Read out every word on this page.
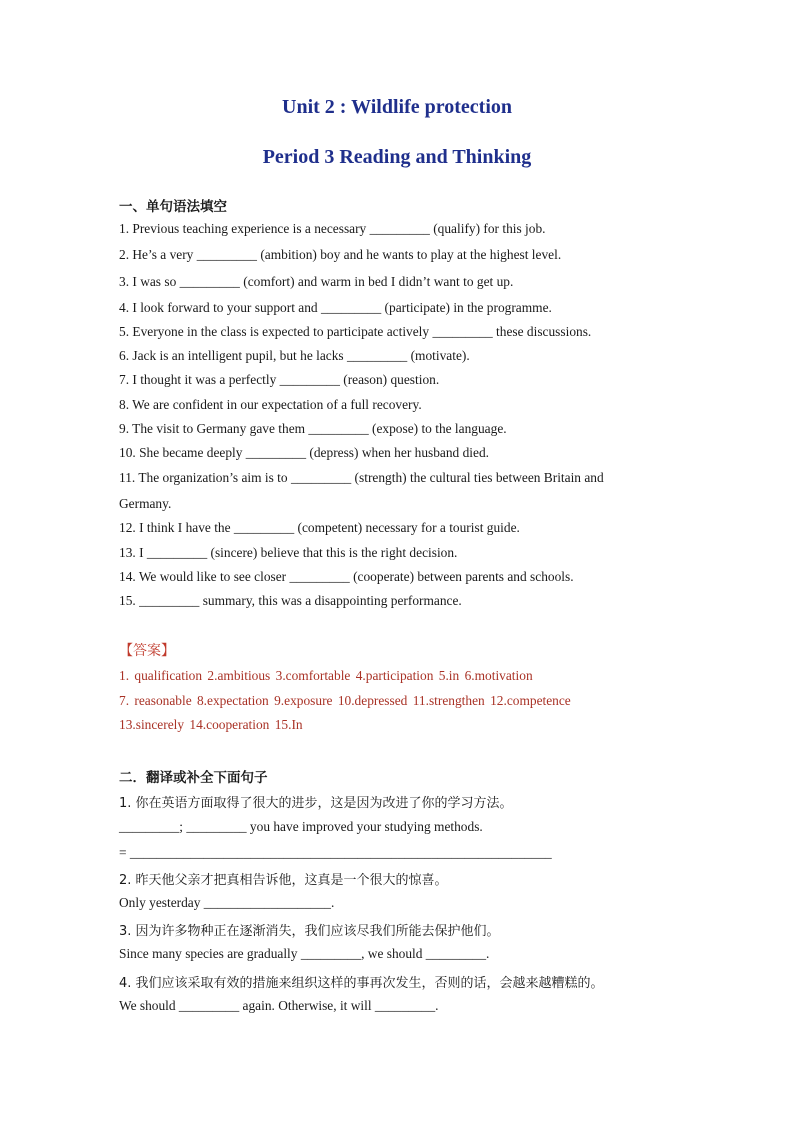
Unit 2 : Wildlife protection
Period 3 Reading and Thinking
一、单句语法填空
1. Previous teaching experience is a necessary _________ (qualify) for this job.
2. He’s a very _________ (ambition) boy and he wants to play at the highest level.
3. I was so _________ (comfort) and warm in bed I didn’t want to get up.
4. I look forward to your support and _________ (participate) in the programme.
5. Everyone in the class is expected to participate actively _________ these discussions.
6. Jack is an intelligent pupil, but he lacks _________ (motivate).
7. I thought it was a perfectly _________ (reason) question.
8. We are confident in our expectation of a full recovery.
9. The visit to Germany gave them _________ (expose) to the language.
10. She became deeply _________ (depress) when her husband died.
11. The organization’s aim is to _________ (strength) the cultural ties between Britain and
Germany.
12. I think I have the _________ (competent) necessary for a tourist guide.
13. I _________ (sincere) believe that this is the right decision.
14. We would like to see closer _________ (cooperate) between parents and schools.
15. _________ summary, this was a disappointing performance.
【答案】
1. qualification 2.ambitious 3.comfortable 4.participation 5.in 6.motivation
7. reasonable 8.expectation 9.exposure 10.depressed 11.strengthen 12.competence
13.sincerely 14.cooperation 15.In
二．翻译或补全下面句子
1. 你在英语方面取得了很大的进步，这是因为改进了你的学习方法。
_________; _________ you have improved your studying methods.
= _______________________________________________________________
2. 昨天他父亲才把真相告诉他，这真是一个很大的惊喜。
Only yesterday ___________________.
3. 因为许多物种正在逐渐消失，我们应该尽我们所能去保护他们。
Since many species are gradually _________, we should _________.
4. 我们应该采取有效的措施来组织这样的事再次发生，否则的话，会越来越糟糕的。
We should _________ again. Otherwise, it will _________.
